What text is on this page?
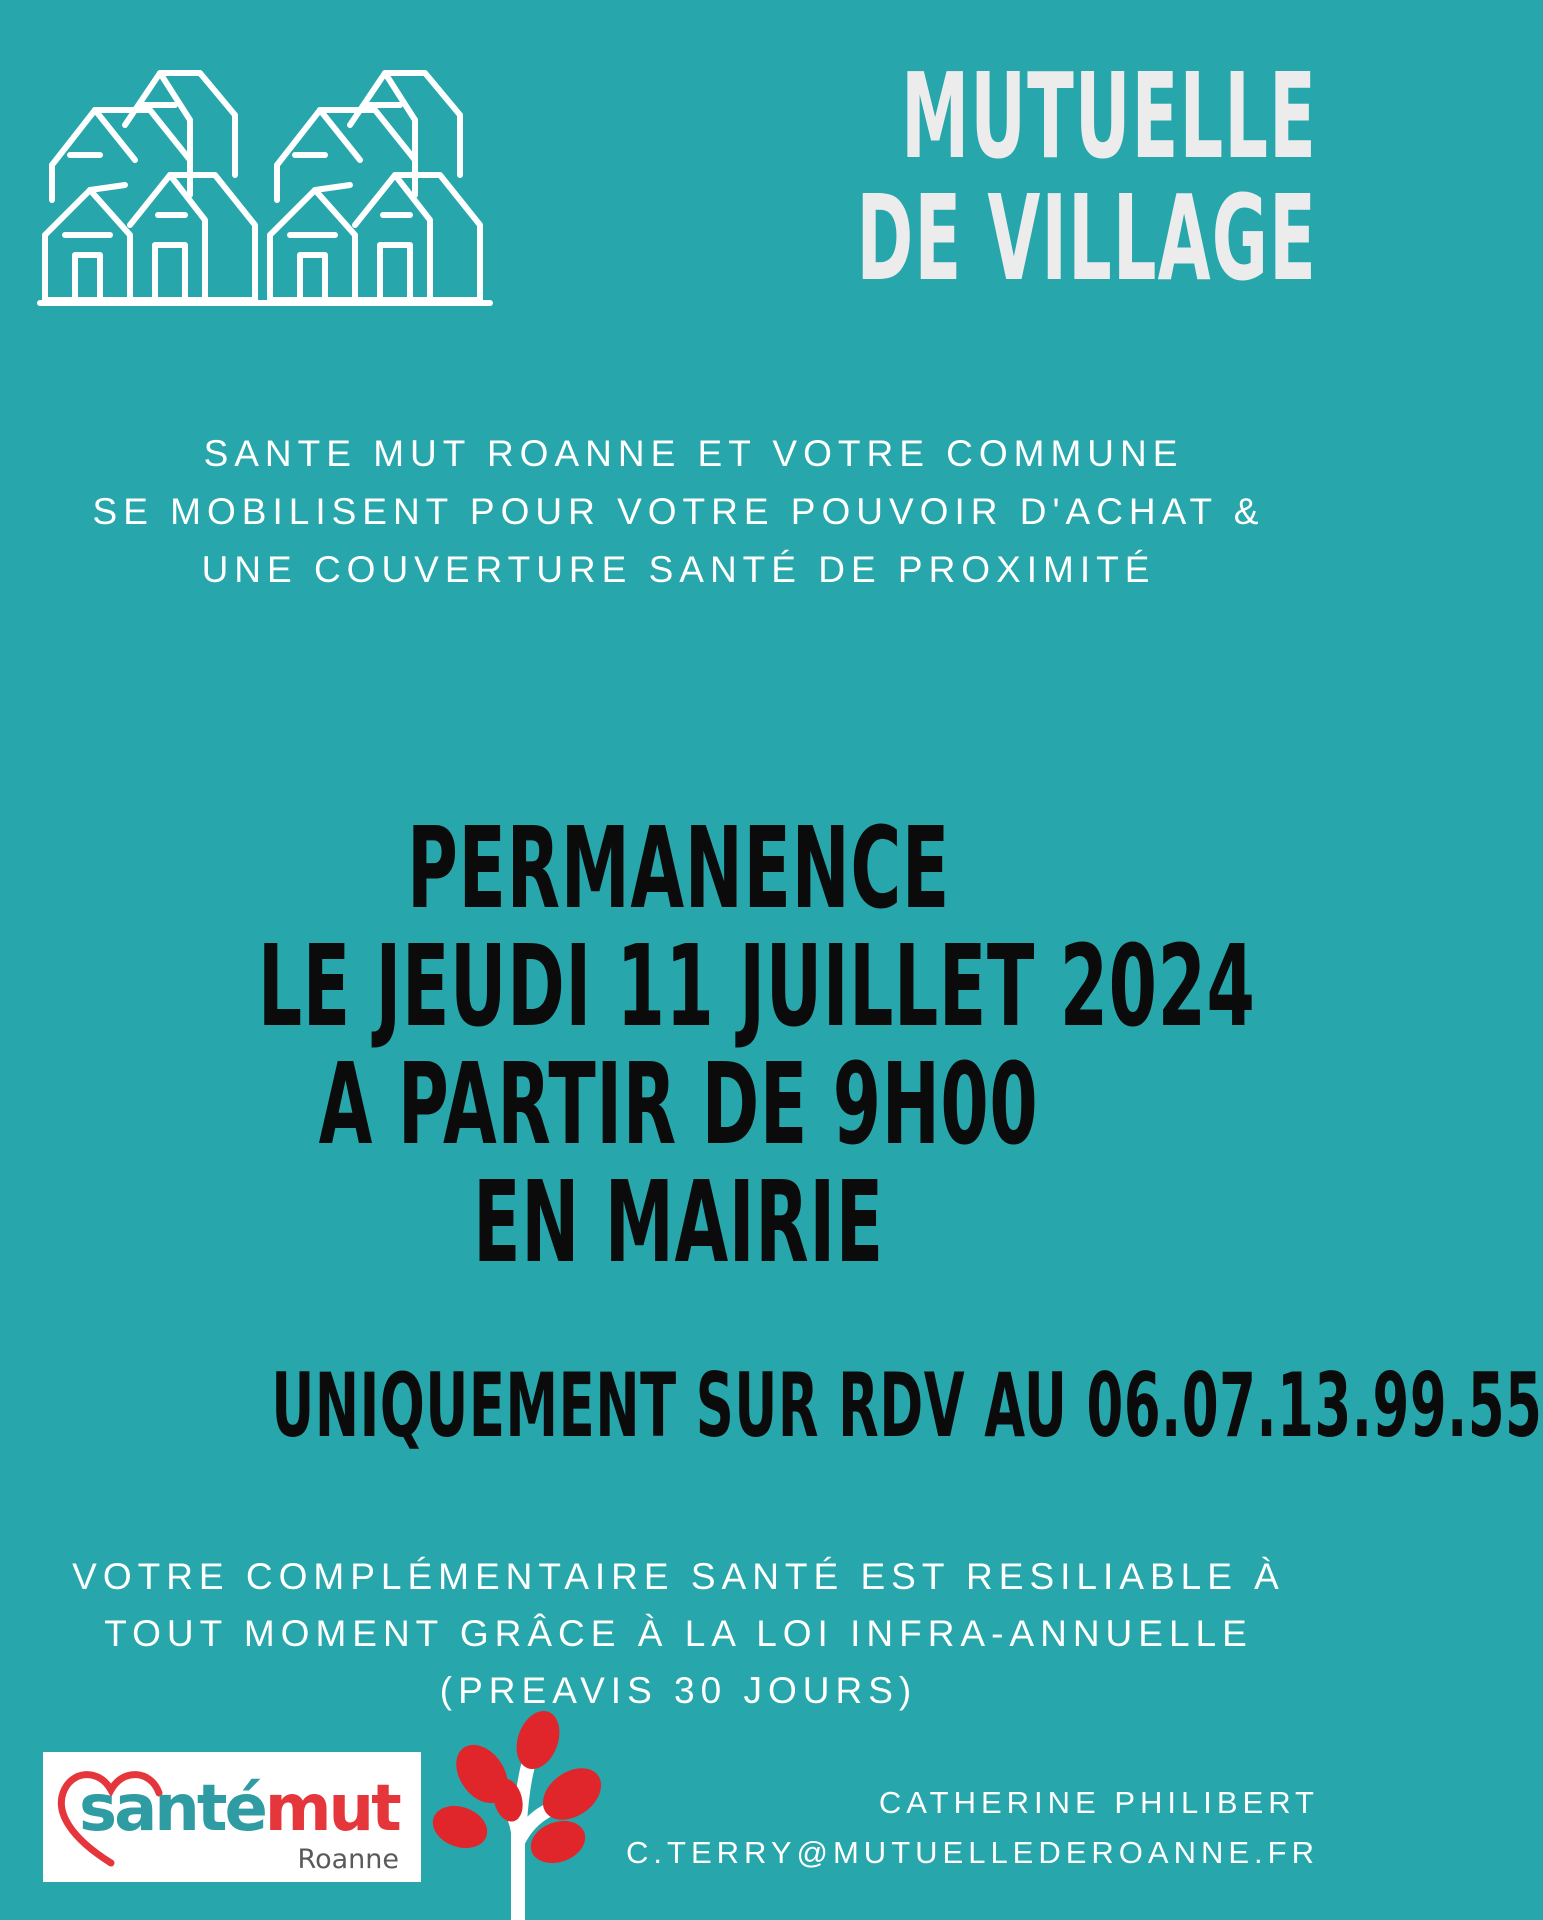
MUTUELLE
DE VILLAGE
SANTE MUT ROANNE ET VOTRE COMMUNE
SE MOBILISENT POUR VOTRE POUVOIR D'ACHAT &
UNE COUVERTURE SANTÉ DE PROXIMITÉ
PERMANENCE
LE JEUDI 11 JUILLET 2024
A PARTIR DE 9H00
EN MAIRIE
UNIQUEMENT SUR RDV AU 06.07.13.99.55
VOTRE COMPLÉMENTAIRE SANTÉ EST RESILIABLE À
TOUT MOMENT GRÂCE À LA LOI INFRA-ANNUELLE
(PREAVIS 30 JOURS)
santémut
Roanne
CATHERINE PHILIBERT
C.TERRY@MUTUELLEDEROANNE.FR
